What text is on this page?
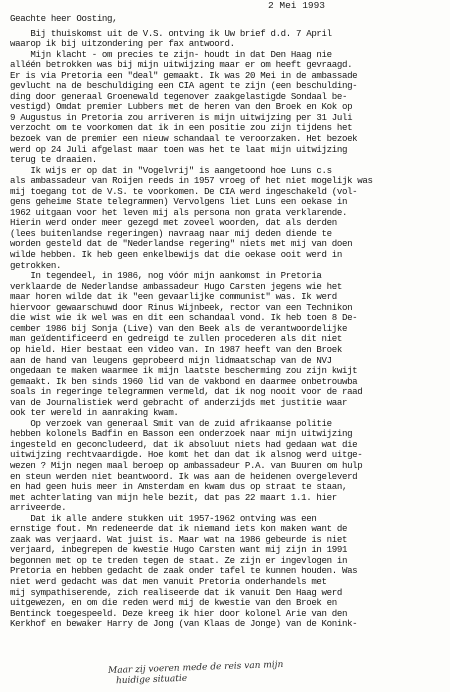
2 Mei 1993
Geachte heer Oosting,
Bij thuiskomst uit de V.S. ontving ik Uw brief d.d. 7 April
waarop ik bij uitzondering per fax antwoord.
Mijn klacht - om precies te zijn- houdt in dat Den Haag nie
alléén betrokken was bij mijn uitwijzing maar er om heeft gevraagd.
Er is via Pretoria een "deal" gemaakt. Ik was 20 Mei in de ambassade
gevlucht na de beschuldiging een CIA agent te zijn (een beschulding-
ding door generaal Groenewald tegenover zaakgelastigde Sondaal be-
vestigd) Omdat premier Lubbers met de heren van den Broek en Kok op
9 Augustus in Pretoria zou arriveren is mijn uitwijzing per 31 Juli
verzocht om te voorkomen dat ik in een positie zou zijn tijdens het
bezoek van de premier een nieuw schandaal te veroorzaken. Het bezoek
werd op 24 Juli afgelast maar toen was het te laat mijn uitwijzing
terug te draaien.
Ik wijs er op dat in "Vogelvrij" is aangetoond hoe Luns c.s
als ambassadeur van Roijen reeds in 1957 vroeg of het niet mogelijk was
mij toegang tot de V.S. te voorkomen. De CIA werd ingeschakeld (vol-
gens geheime State telegrammen) Vervolgens liet Luns een oekase in
1962 uitgaan voor het leven mij als persona non grata verklarende.
Hierin werd onder meer gezegd met zoveel woorden, dat als derden
(lees buitenlandse regeringen) navraag naar mij deden diende te
worden gesteld dat de "Nederlandse regering" niets met mij van doen
wilde hebben. Ik heb geen enkelbewijs dat die oekase ooit werd in
getrokken.
In tegendeel, in 1986, nog vóór mijn aankomst in Pretoria
verklaarde de Nederlandse ambassadeur Hugo Carsten jegens wie het
maar horen wilde dat ik "een gevaarlijke communist" was. Ik werd
hiervoor gewaarschuwd door Rinus Wijnbeek, rector van een Technikon
die wist wie ik wel was en dit een schandaal vond. Ik heb toen 8 De-
cember 1986 bij Sonja (Live) van den Beek als de verantwoordelijke
man geïdentificeerd en gedreigd te zullen procederen als dit niet
op hield. Hier bestaat een video van. In 1987 heeft van den Broek
aan de hand van leugens geprobeerd mijn lidmaatschap van de NVJ
ongedaan te maken waarmee ik mijn laatste bescherming zou zijn kwijt
gemaakt. Ik ben sinds 1960 lid van de vakbond en daarmee onbetrouwba
soals in regeringe telegrammen vermeld, dat ik nog nooit voor de raad
van de Journalistiek werd gebracht of anderzijds met justitie waar
ook ter wereld in aanraking kwam.
Op verzoek van generaal Smit van de zuid afrikaanse politie
hebben kolonels Badfin en Basson een onderzoek naar mijn uitwijzing
ingesteld en geconcludeerd, dat ik absoluut niets had gedaan wat die
uitwijzing rechtvaardigde. Hoe komt het dan dat ik alsnog werd uitge-
wezen ? Mijn negen maal beroep op ambassadeur P.A. van Buuren om hulp
en steun werden niet beantwoord. Ik was aan de heidenen overgeleverd
en had geen huis meer in Amsterdam en kwam dus op straat te staan,
met achterlating van mijn hele bezit, dat pas 22 maart 1.1. hier
arriveerde.
Dat ik alle andere stukken uit 1957-1962 ontving was een
ernstige fout. Mn redeneerde dat ik niemand iets kon maken want de
zaak was verjaard. Wat juist is. Maar wat na 1986 gebeurde is niet
verjaard, inbegrepen de kwestie Hugo Carsten want mij zijn in 1991
begonnen met op te treden tegen de staat. Ze zijn er ingevlogen in
Pretoria en hebben gedacht de zaak onder tafel te kunnen houden. Was
niet werd gedacht was dat men vanuit Pretoria onderhandels met
mij sympathiserende, zich realiseerde dat ik vanuit Den Haag werd
uitgewezen, en om die reden werd mij de kwestie van den Broek en
Bentinck toegespeeld. Deze kreeg ik hier door kolonel Arie van den
Kerkhof en bewaker Harry de Jong (van Klaas de Jonge) van de Konink-
Maar zij voeren mede de reis van mijn
huidige situatie
